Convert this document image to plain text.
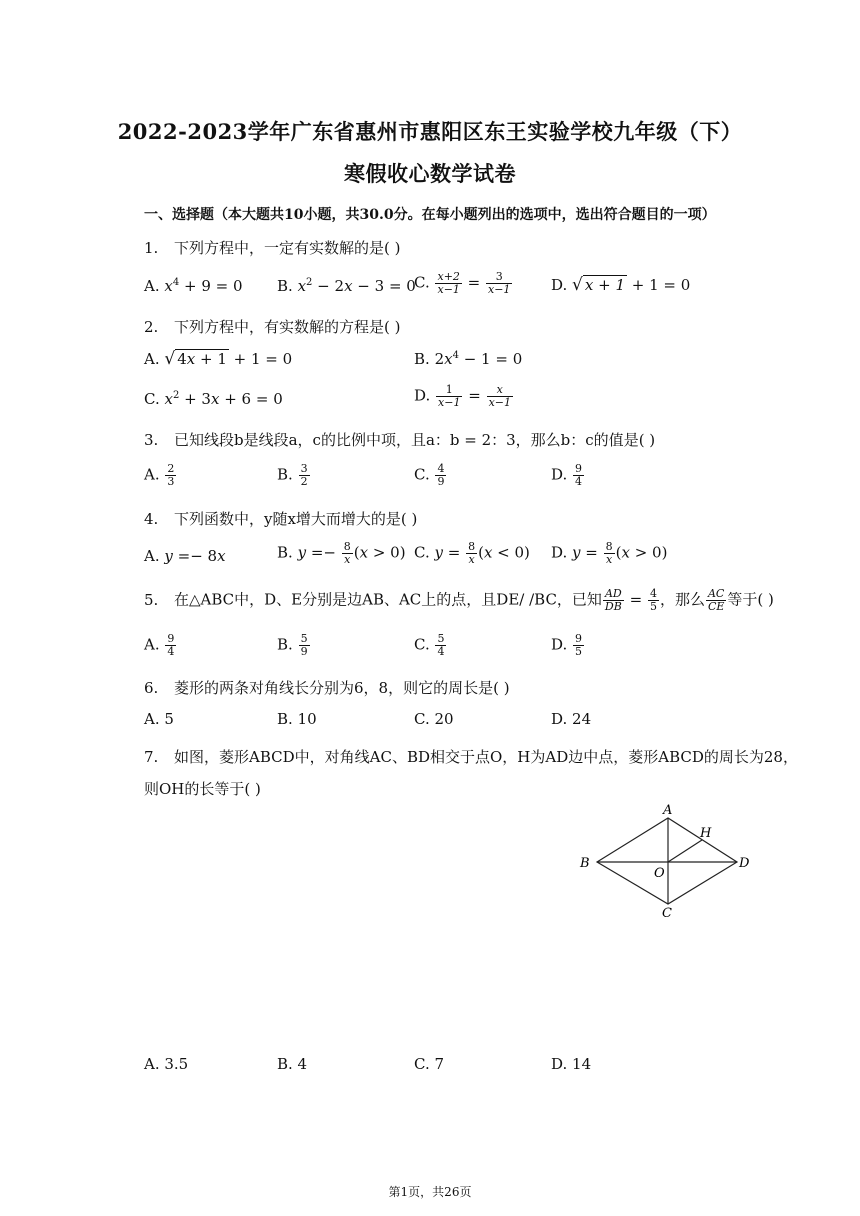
2022-2023学年广东省惠州市惠阳区东王实验学校九年级（下）
寒假收心数学试卷
一、选择题（本大题共10小题，共30.0分。在每小题列出的选项中，选出符合题目的一项）
1. 下列方程中，一定有实数解的是( )
A. $x^4 + 9 = 0$ B. $x^2 - 2x - 3 = 0$
C. $\frac{x+2}{x-1} = \frac{3}{x-1}$	D. √ x + 1 + 1 = 0
2. 下列方程中，有实数解的方程是( )
A. √ 4x + 1 + 1 = 0	B. $2x^4 - 1 = 0$
C. $x^2 + 3x + 6 = 0$	D. $\frac{1}{x-1} = \frac{x}{x-1}$
3. 已知线段b是线段a，c的比例中项，且a：b = 2：3，那么b：c的值是( )
A. $\frac{2}{3}$	B. $\frac{3}{2}$	C. $\frac{4}{9}$	D. $\frac{9}{4}$
4. 下列函数中，y随x增大而增大的是( )
A. y =− 8x	B. $y =- \frac{8}{x} (x > 0)$ C. $y = \frac{8}{x} (x < 0)$ D. $y = \frac{8}{x} (x > 0)$
5. 在△ABC中，D、E分别是边AB、AC上的点，且DE/ /BC，已知 $\frac{AD}{DB} = \frac{4}{5}$ ，那么 $\frac{AC}{CE}$ 等于( )
A. $\frac{9}{4}$	B. $\frac{5}{9}$	C. $\frac{5}{4}$	D. $\frac{9}{5}$
6. 菱形的两条对角线长分别为6，8，则它的周长是( )
A. 5	B. 10	C. 20	D. 24
7. 如图，菱形ABCD中，对角线AC、BD相交于点O，H为AD边中点，菱形ABCD的周长为28，
则OH的长等于( )
A
H
B	D
O
C
A. 3.5	B. 4	C. 7	D. 14
第1页，共26页
